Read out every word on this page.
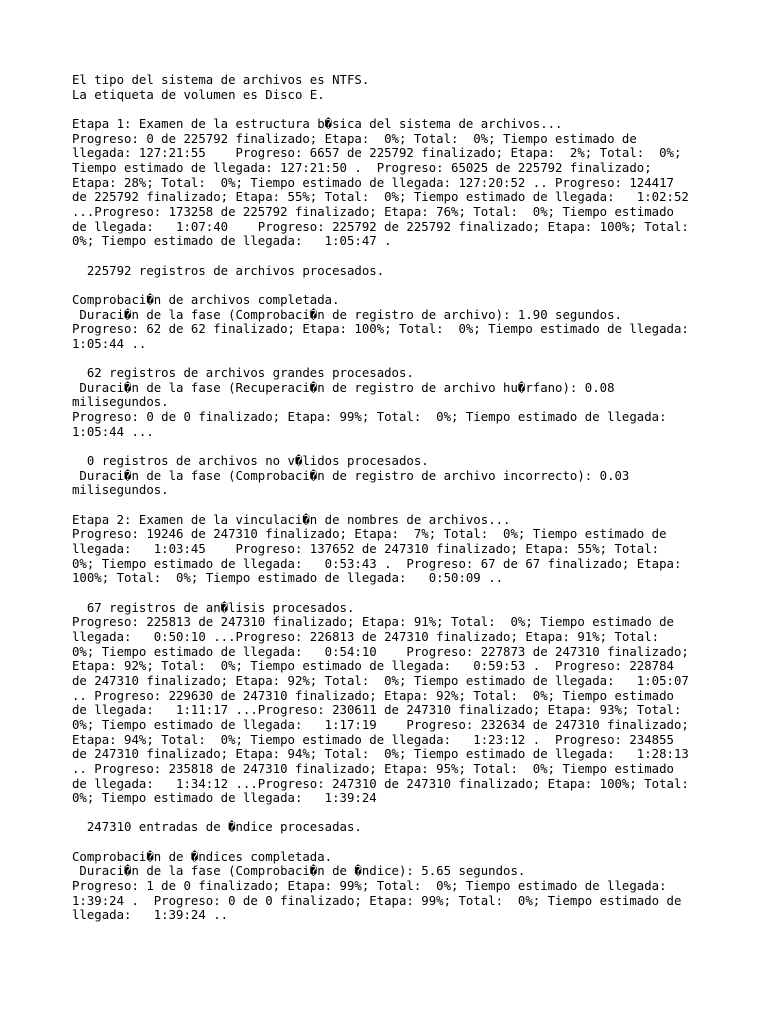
El tipo del sistema de archivos es NTFS.
La etiqueta de volumen es Disco E.

Etapa 1: Examen de la estructura b�sica del sistema de archivos...
Progreso: 0 de 225792 finalizado; Etapa:  0%; Total:  0%; Tiempo estimado de
llegada: 127:21:55    Progreso: 6657 de 225792 finalizado; Etapa:  2%; Total:  0%;
Tiempo estimado de llegada: 127:21:50 .  Progreso: 65025 de 225792 finalizado;
Etapa: 28%; Total:  0%; Tiempo estimado de llegada: 127:20:52 .. Progreso: 124417
de 225792 finalizado; Etapa: 55%; Total:  0%; Tiempo estimado de llegada:   1:02:52
...Progreso: 173258 de 225792 finalizado; Etapa: 76%; Total:  0%; Tiempo estimado
de llegada:   1:07:40    Progreso: 225792 de 225792 finalizado; Etapa: 100%; Total:
0%; Tiempo estimado de llegada:   1:05:47 .

225792 registros de archivos procesados.

Comprobaci�n de archivos completada.
Duraci�n de la fase (Comprobaci�n de registro de archivo): 1.90 segundos.
Progreso: 62 de 62 finalizado; Etapa: 100%; Total:  0%; Tiempo estimado de llegada:
1:05:44 ..

62 registros de archivos grandes procesados.
Duraci�n de la fase (Recuperaci�n de registro de archivo hu�rfano): 0.08
milisegundos.
Progreso: 0 de 0 finalizado; Etapa: 99%; Total:  0%; Tiempo estimado de llegada:
1:05:44 ...

0 registros de archivos no v�lidos procesados.
Duraci�n de la fase (Comprobaci�n de registro de archivo incorrecto): 0.03
milisegundos.

Etapa 2: Examen de la vinculaci�n de nombres de archivos...
Progreso: 19246 de 247310 finalizado; Etapa:  7%; Total:  0%; Tiempo estimado de
llegada:   1:03:45    Progreso: 137652 de 247310 finalizado; Etapa: 55%; Total:
0%; Tiempo estimado de llegada:   0:53:43 .  Progreso: 67 de 67 finalizado; Etapa:
100%; Total:  0%; Tiempo estimado de llegada:   0:50:09 ..

67 registros de an�lisis procesados.
Progreso: 225813 de 247310 finalizado; Etapa: 91%; Total:  0%; Tiempo estimado de
llegada:   0:50:10 ...Progreso: 226813 de 247310 finalizado; Etapa: 91%; Total:
0%; Tiempo estimado de llegada:   0:54:10    Progreso: 227873 de 247310 finalizado;
Etapa: 92%; Total:  0%; Tiempo estimado de llegada:   0:59:53 .  Progreso: 228784
de 247310 finalizado; Etapa: 92%; Total:  0%; Tiempo estimado de llegada:   1:05:07
.. Progreso: 229630 de 247310 finalizado; Etapa: 92%; Total:  0%; Tiempo estimado
de llegada:   1:11:17 ...Progreso: 230611 de 247310 finalizado; Etapa: 93%; Total:
0%; Tiempo estimado de llegada:   1:17:19    Progreso: 232634 de 247310 finalizado;
Etapa: 94%; Total:  0%; Tiempo estimado de llegada:   1:23:12 .  Progreso: 234855
de 247310 finalizado; Etapa: 94%; Total:  0%; Tiempo estimado de llegada:   1:28:13
.. Progreso: 235818 de 247310 finalizado; Etapa: 95%; Total:  0%; Tiempo estimado
de llegada:   1:34:12 ...Progreso: 247310 de 247310 finalizado; Etapa: 100%; Total:
0%; Tiempo estimado de llegada:   1:39:24

247310 entradas de �ndice procesadas.

Comprobaci�n de �ndices completada.
Duraci�n de la fase (Comprobaci�n de �ndice): 5.65 segundos.
Progreso: 1 de 0 finalizado; Etapa: 99%; Total:  0%; Tiempo estimado de llegada:
1:39:24 .  Progreso: 0 de 0 finalizado; Etapa: 99%; Total:  0%; Tiempo estimado de
llegada:   1:39:24 ..
